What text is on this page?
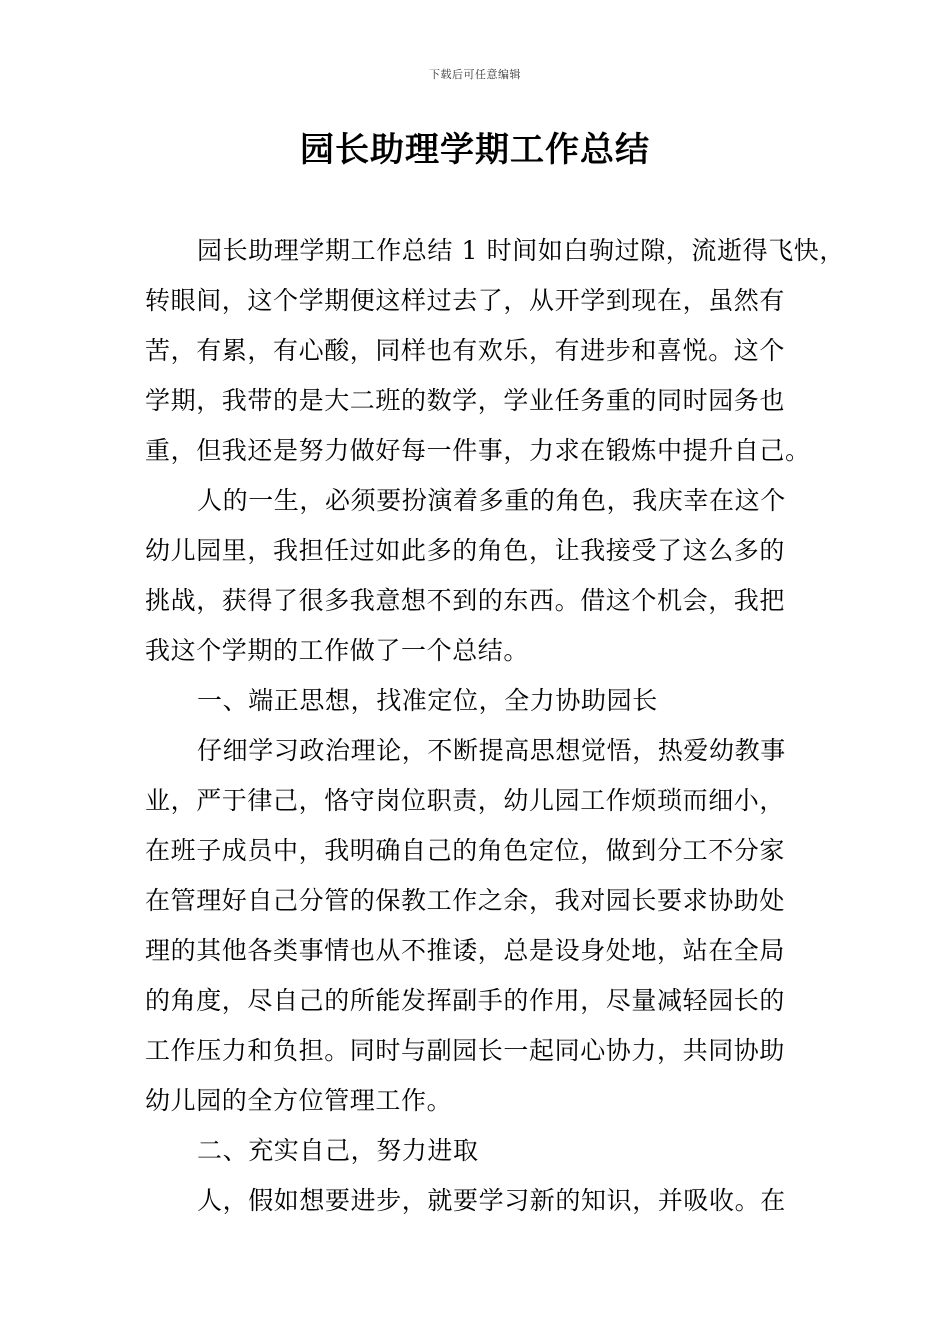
下载后可任意编辑
园长助理学期工作总结
园长助理学期工作总结 1 时间如白驹过隙，流逝得飞快，
转眼间，这个学期便这样过去了，从开学到现在，虽然有
苦，有累，有心酸，同样也有欢乐，有进步和喜悦。这个
学期，我带的是大二班的数学，学业任务重的同时园务也
重，但我还是努力做好每一件事，力求在锻炼中提升自己。
人的一生，必须要扮演着多重的角色，我庆幸在这个
幼儿园里，我担任过如此多的角色，让我接受了这么多的
挑战，获得了很多我意想不到的东西。借这个机会，我把
我这个学期的工作做了一个总结。
一、端正思想，找准定位，全力协助园长
仔细学习政治理论，不断提高思想觉悟，热爱幼教事
业，严于律己，恪守岗位职责，幼儿园工作烦琐而细小，
在班子成员中，我明确自己的角色定位，做到分工不分家
在管理好自己分管的保教工作之余，我对园长要求协助处
理的其他各类事情也从不推诿，总是设身处地，站在全局
的角度，尽自己的所能发挥副手的作用，尽量减轻园长的
工作压力和负担。同时与副园长一起同心协力，共同协助
幼儿园的全方位管理工作。
二、充实自己，努力进取
人，假如想要进步，就要学习新的知识，并吸收。在
